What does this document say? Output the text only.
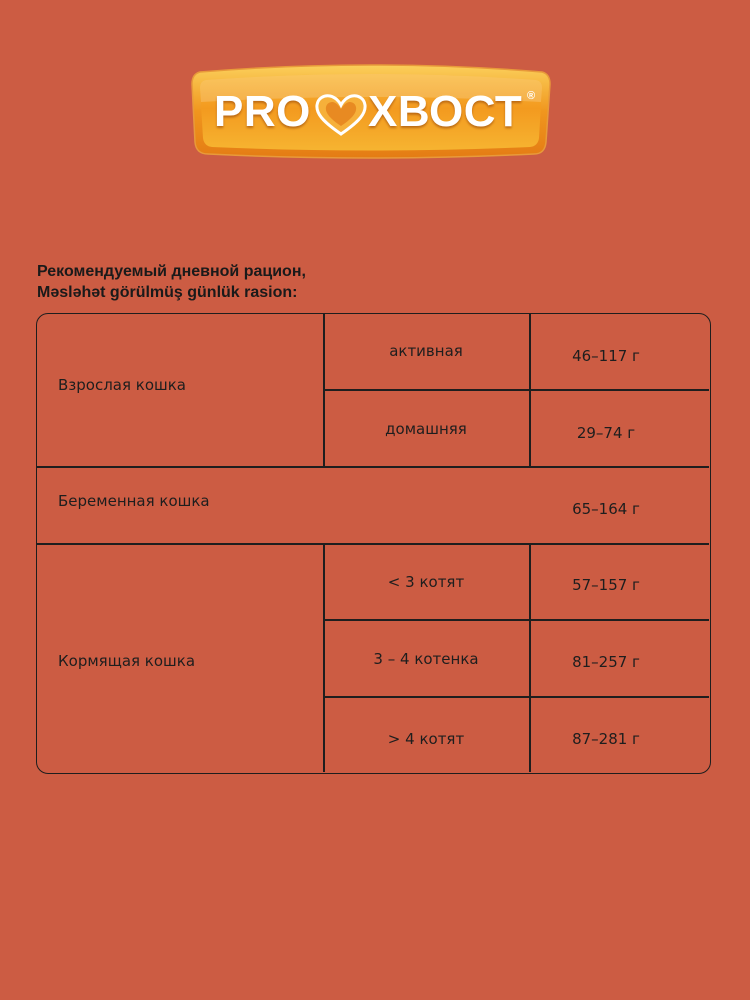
PRO ХВОСТ ®
Рекомендуемый дневной рацион,
Məsləhət görülmüş günlük rasion:
Взрослая кошка
активная	46–117 г
домашняя	29–74 г
Беременная кошка	65–164 г
Кормящая кошка
< 3 котят	57–157 г
3 – 4 котенка	81–257 г
> 4 котят	87–281 г
